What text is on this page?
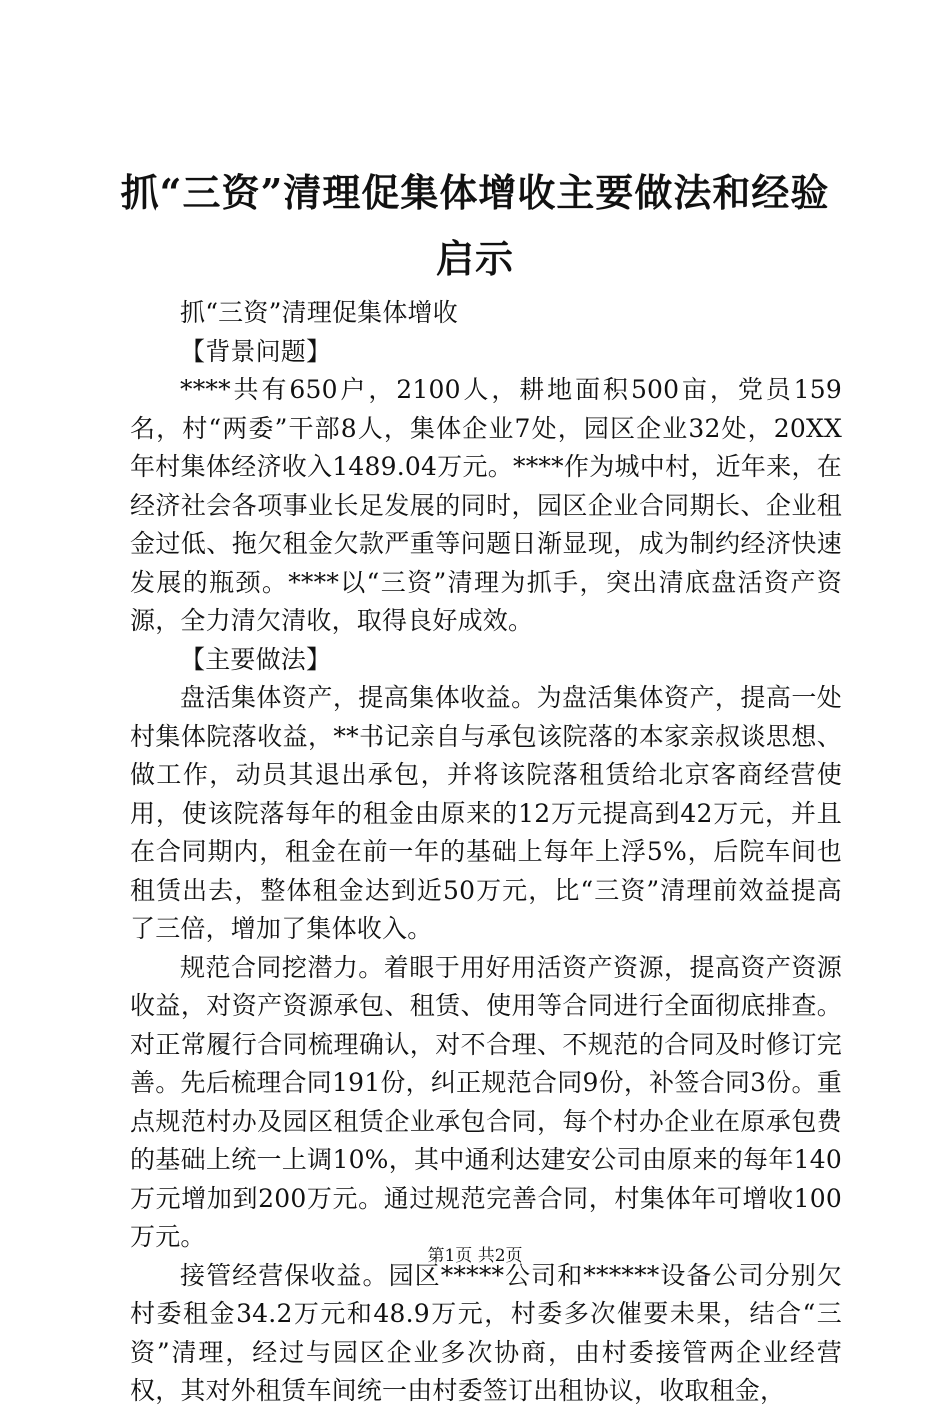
抓“三资”清理促集体增收主要做法和经验启示

抓“三资”清理促集体增收

【背景问题】

****共有650户，2100人，耕地面积500亩，党员159名，村“两委”干部8人，集体企业7处，园区企业32处，20XX年村集体经济收入1489.04万元。****作为城中村，近年来，在经济社会各项事业长足发展的同时，园区企业合同期长、企业租金过低、拖欠租金欠款严重等问题日渐显现，成为制约经济快速发展的瓶颈。****以“三资”清理为抓手，突出清底盘活资产资源，全力清欠清收，取得良好成效。

【主要做法】

盘活集体资产，提高集体收益。为盘活集体资产，提高一处村集体院落收益，**书记亲自与承包该院落的本家亲叔谈思想、做工作，动员其退出承包，并将该院落租赁给北京客商经营使用，使该院落每年的租金由原来的12万元提高到42万元，并且在合同期内，租金在前一年的基础上每年上浮5%，后院车间也租赁出去，整体租金达到近50万元，比“三资”清理前效益提高了三倍，增加了集体收入。

规范合同挖潜力。着眼于用好用活资产资源，提高资产资源收益，对资产资源承包、租赁、使用等合同进行全面彻底排查。对正常履行合同梳理确认，对不合理、不规范的合同及时修订完善。先后梳理合同191份，纠正规范合同9份，补签合同3份。重点规范村办及园区租赁企业承包合同，每个村办企业在原承包费的基础上统一上调10%，其中通利达建安公司由原来的每年140万元增加到200万元。通过规范完善合同，村集体年可增收100万元。

接管经营保收益。园区*****公司和******设备公司分别欠村委租金34.2万元和48.9万元，村委多次催要未果，结合“三资”清理，经过与园区企业多次协商，由村委接管两企业经营权，其对外租赁车间统一由村委签订出租协议，收取租金，

第1页 共2页
